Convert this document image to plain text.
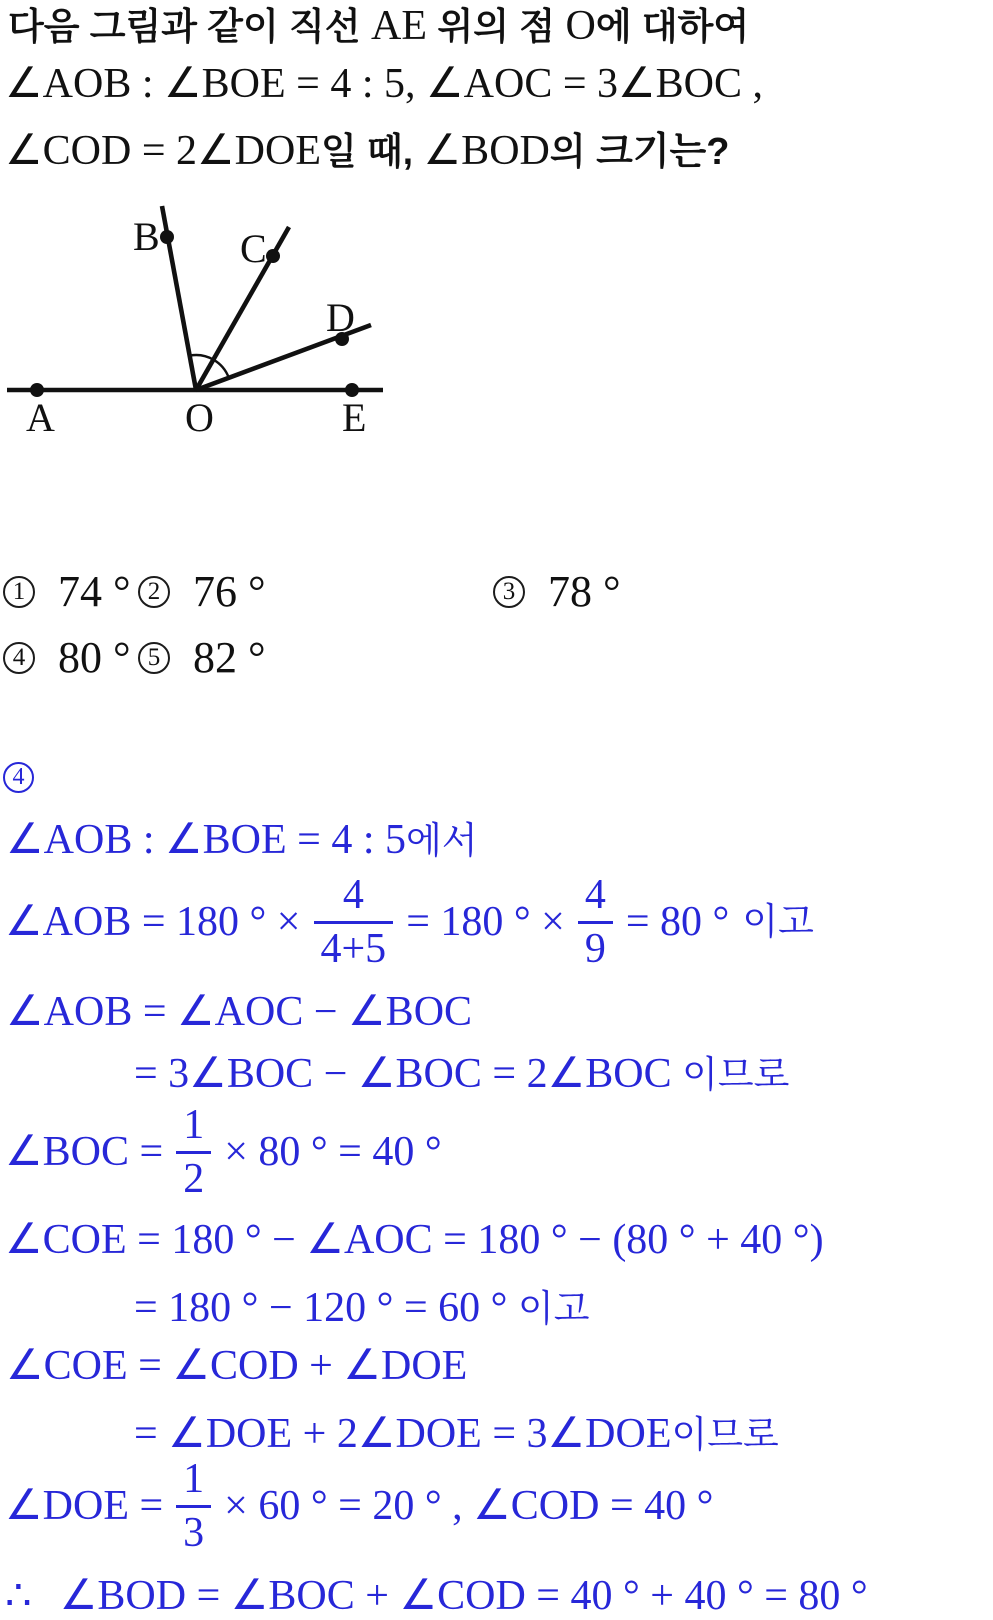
다음 그림과 같이 직선 AE 위의 점 O에 대하여
∠AOB : ∠BOE = 4 : 5, ∠AOC = 3∠BOC ,
∠COD = 2∠DOE일 때, ∠BOD의 크기는?
B C
D
A	O	E
1 74 ° 2 76 °	3 78 °
4 80 ° 5 82 °
4
∠AOB : ∠BOE = 4 : 5에서
∠AOB = 180 ° × $\frac{4}{4+5} = 180$ ° × $\frac{4}{9} = 80$ ° 이고
∠AOB = ∠AOC − ∠BOC
= 3∠BOC − ∠BOC = 2∠BOC 이므로
∠BOC = $\frac{1}{2} \times 80$ ° = 40 °
∠COE = 180 ° − ∠AOC = 180 ° − (80 ° + 40 °)
= 180 ° − 120 ° = 60 ° 이고
∠COE = ∠COD + ∠DOE
= ∠DOE + 2∠DOE = 3∠DOE이므로
∠DOE = $\frac{1}{3} \times 60$ ° = 20 ° , ∠COD = 40 °
∴ ∠BOD = ∠BOC + ∠COD = 40 ° + 40 ° = 80 °
